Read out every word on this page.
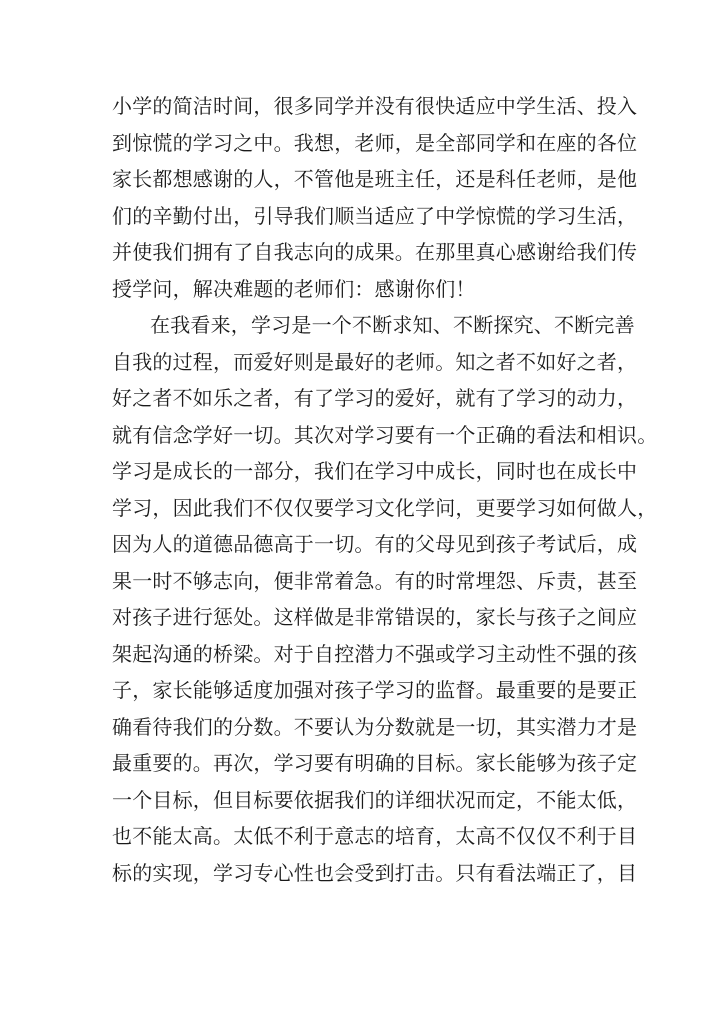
小学的简洁时间，很多同学并没有很快适应中学生活、投入
到惊慌的学习之中。我想，老师，是全部同学和在座的各位
家长都想感谢的人，不管他是班主任，还是科任老师，是他
们的辛勤付出，引导我们顺当适应了中学惊慌的学习生活，
并使我们拥有了自我志向的成果。在那里真心感谢给我们传
授学问，解决难题的老师们：感谢你们！
在我看来，学习是一个不断求知、不断探究、不断完善
自我的过程，而爱好则是最好的老师。知之者不如好之者，
好之者不如乐之者，有了学习的爱好，就有了学习的动力，
就有信念学好一切。其次对学习要有一个正确的看法和相识。
学习是成长的一部分，我们在学习中成长，同时也在成长中
学习，因此我们不仅仅要学习文化学问，更要学习如何做人，
因为人的道德品德高于一切。有的父母见到孩子考试后，成
果一时不够志向，便非常着急。有的时常埋怨、斥责，甚至
对孩子进行惩处。这样做是非常错误的，家长与孩子之间应
架起沟通的桥梁。对于自控潜力不强或学习主动性不强的孩
子，家长能够适度加强对孩子学习的监督。最重要的是要正
确看待我们的分数。不要认为分数就是一切，其实潜力才是
最重要的。再次，学习要有明确的目标。家长能够为孩子定
一个目标，但目标要依据我们的详细状况而定，不能太低，
也不能太高。太低不利于意志的培育，太高不仅仅不利于目
标的实现，学习专心性也会受到打击。只有看法端正了，目
